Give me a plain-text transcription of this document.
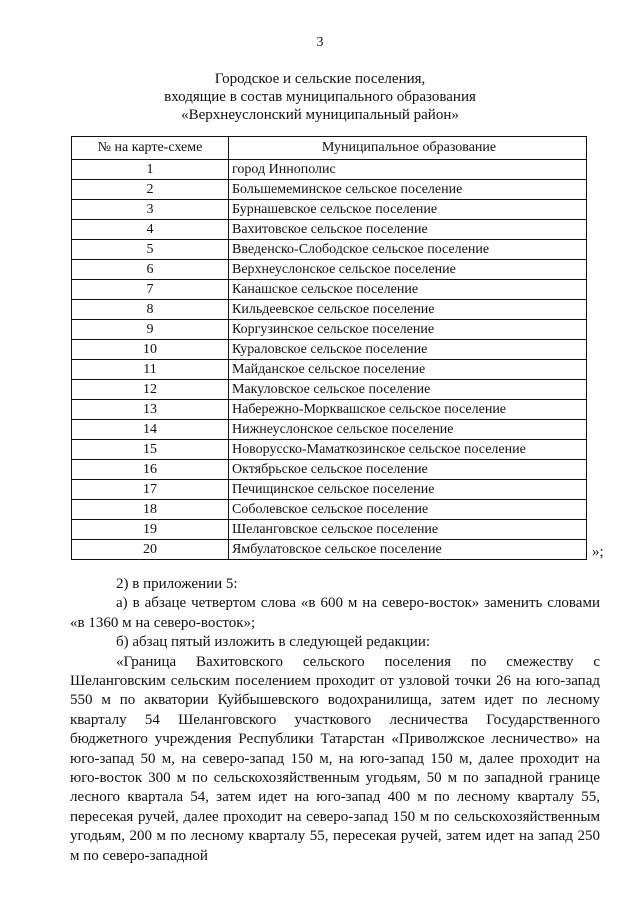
3
Городское и сельские поселения,
входящие в состав муниципального образования
«Верхнеуслонский муниципальный район»
№ на карте-схеме	Муниципальное образование
1	город Иннополис
2	Большемеминское сельское поселение
3	Бурнашевское сельское поселение
4	Вахитовское сельское поселение
5	Введенско-Слободское сельское поселение
6	Верхнеуслонское сельское поселение
7	Канашское сельское поселение
8	Кильдеевское сельское поселение
9	Коргузинское сельское поселение
10	Кураловское сельское поселение
11	Майданское сельское поселение
12	Макуловское сельское поселение
13	Набережно-Моркваш​ское сельское поселение
14	Нижнеуслонское сельское поселение
15	Новорусско-Маматкозинское сельское поселение
16	Октябрьское сельское поселение
17	Печищинское сельское поселение
18	Соболевское сельское поселение
19	Шеланговское сельское поселение
20	Ямбулатовское сельское поселение	»;

2) в приложении 5:

а) в абзаце четвертом слова «в 600 м на северо-восток» заменить словами «в 1360 м на северо-восток»;

б) абзац пятый изложить в следующей редакции:

«Граница Вахитовского сельского поселения по смежеству с Шеланговским сельским поселением проходит от узловой точки 26 на юго-запад 550 м по акватории Куйбышевского водохранилища, затем идет по лесному кварталу 54 Шеланговского участкового лесничества Государственного бюджетного учреждения Республики Татарстан «Приволжское лесничество» на юго-запад 50 м, на северо-запад 150 м, на юго-запад 150 м, далее проходит на юго-восток 300 м по сельскохозяйственным угодьям, 50 м по западной границе лесного квартала 54, затем идет на юго-запад 400 м по лесному кварталу 55, пересекая ручей, далее проходит на северо-запад 150 м по сельскохозяйственным угодьям, 200 м по лесному кварталу 55, пересекая ручей, затем идет на запад 250 м по северо-западной
